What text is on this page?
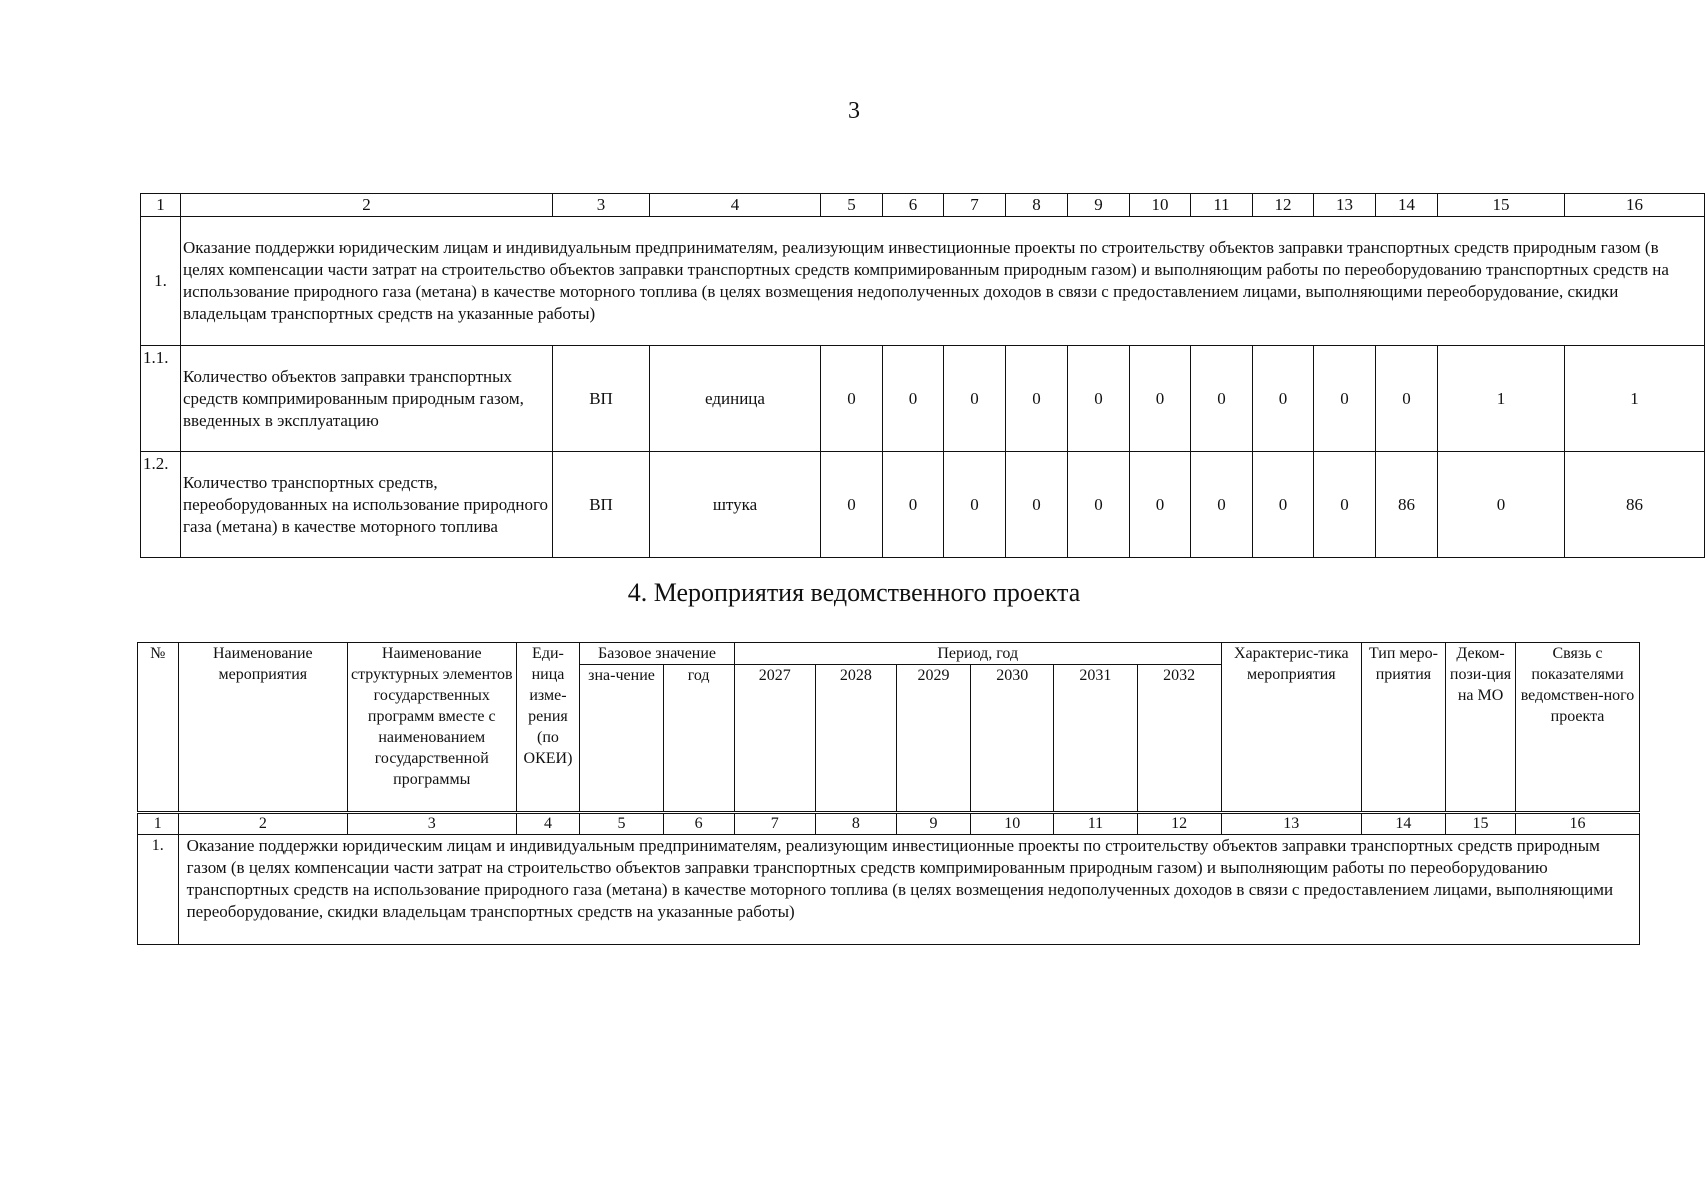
3
1	2	3	4	5	6	7	8	9	10	11	12	13	14	15	16
1.	Оказание поддержки юридическим лицам и индивидуальным предпринимателям, реализующим инвестиционные проекты по строительству объектов заправки транспортных средств природным газом (в целях компенсации части затрат на строительство объектов заправки транспортных средств компримированным природным газом) и выполняющим работы по переоборудованию транспортных средств на использование природного газа (метана) в качестве моторного топлива (в целях возмещения недополученных доходов в связи с предоставлением лицами, выполняющими переоборудование, скидки владельцам транспортных средств на указанные работы)														
1.1.	Количество объектов заправки транспортных средств компримированным природным газом, введенных в эксплуатацию	ВП	единица	0	0	0	0	0	0	0	0	0	0	1	1
1.2.	Количество транспортных средств, переоборудованных на использование природного газа (метана) в качестве моторного топлива	ВП	штука	0	0	0	0	0	0	0	0	0	86	0	86
4. Мероприятия ведомственного проекта
№	Наименование мероприятия	Наименование структурных элементов государственных программ вместе с наименованием государственной программы	Еди-ница изме-рения (по ОКЕИ)	Базовое значение		Период, год						Характерис-тика мероприятия	Тип меро-приятия	Деком-пози-ция на МО	Связь с показателями ведомствен-ного проекта
				зна-чение	год	2027	2028	2029	2030	2031	2032				
1	2	3	4	5	6	7	8	9	10	11	12	13	14	15	16
1.	Оказание поддержки юридическим лицам и индивидуальным предпринимателям, реализующим инвестиционные проекты по строительству объектов заправки транспортных средств природным газом (в целях компенсации части затрат на строительство объектов заправки транспортных средств компримированным природным газом) и выполняющим работы по переоборудованию транспортных средств на использование природного газа (метана) в качестве моторного топлива (в целях возмещения недополученных доходов в связи с предоставлением лицами, выполняющими переоборудование, скидки владельцам транспортных средств на указанные работы)														
